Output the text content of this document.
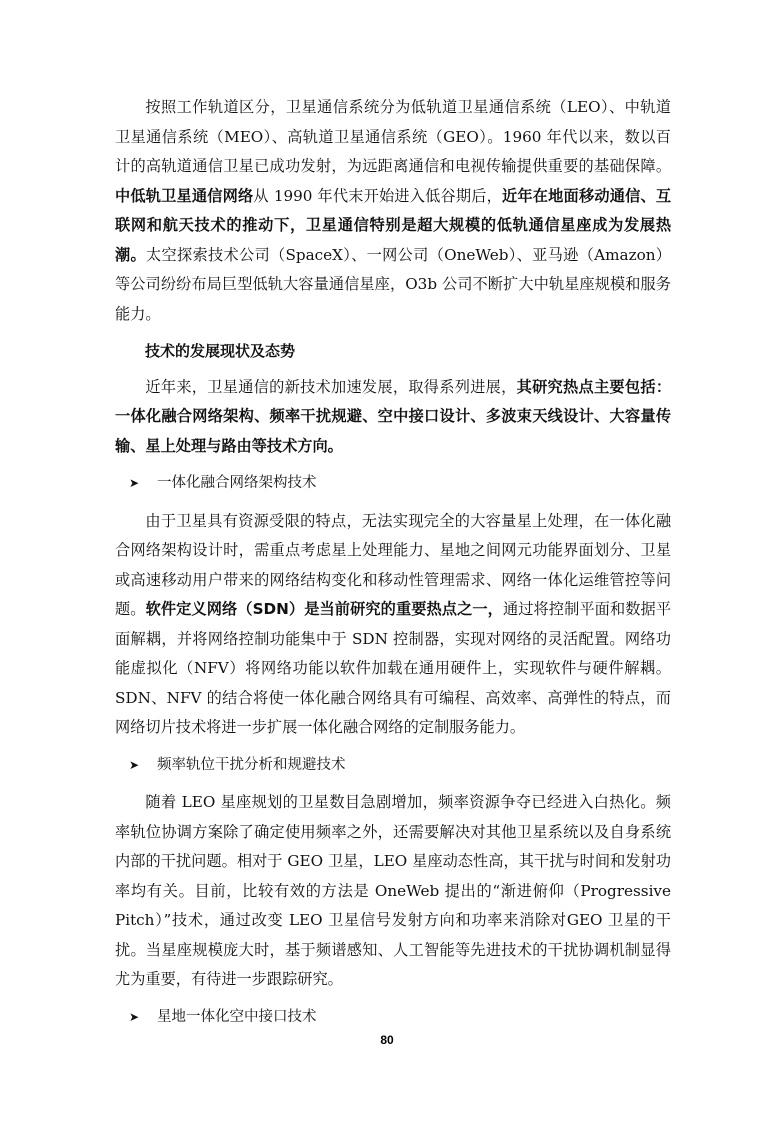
按照工作轨道区分，卫星通信系统分为低轨道卫星通信系统（LEO）、中轨道卫星通信系统（MEO）、高轨道卫星通信系统（GEO）。1960 年代以来，数以百计的高轨道通信卫星已成功发射，为远距离通信和电视传输提供重要的基础保障。中低轨卫星通信网络从 1990 年代末开始进入低谷期后，近年在地面移动通信、互联网和航天技术的推动下，卫星通信特别是超大规模的低轨通信星座成为发展热潮。太空探索技术公司（SpaceX）、一网公司（OneWeb）、亚马逊（Amazon）等公司纷纷布局巨型低轨大容量通信星座，O3b 公司不断扩大中轨星座规模和服务能力。

技术的发展现状及态势

近年来，卫星通信的新技术加速发展，取得系列进展，其研究热点主要包括：一体化融合网络架构、频率干扰规避、空中接口设计、多波束天线设计、大容量传输、星上处理与路由等技术方向。

➤	一体化融合网络架构技术

由于卫星具有资源受限的特点，无法实现完全的大容量星上处理，在一体化融合网络架构设计时，需重点考虑星上处理能力、星地之间网元功能界面划分、卫星或高速移动用户带来的网络结构变化和移动性管理需求、网络一体化运维管控等问题。软件定义网络（SDN）是当前研究的重要热点之一，通过将控制平面和数据平面解耦，并将网络控制功能集中于 SDN 控制器，实现对网络的灵活配置。网络功能虚拟化（NFV）将网络功能以软件加载在通用硬件上，实现软件与硬件解耦。SDN、NFV 的结合将使一体化融合网络具有可编程、高效率、高弹性的特点，而网络切片技术将进一步扩展一体化融合网络的定制服务能力。

➤	频率轨位干扰分析和规避技术

随着 LEO 星座规划的卫星数目急剧增加，频率资源争夺已经进入白热化。频率轨位协调方案除了确定使用频率之外，还需要解决对其他卫星系统以及自身系统内部的干扰问题。相对于 GEO 卫星，LEO 星座动态性高，其干扰与时间和发射功率均有关。目前，比较有效的方法是 OneWeb 提出的“渐进俯仰（Progressive Pitch）”技术，通过改变 LEO 卫星信号发射方向和功率来消除对GEO 卫星的干扰。当星座规模庞大时，基于频谱感知、人工智能等先进技术的干扰协调机制显得尤为重要，有待进一步跟踪研究。

➤	星地一体化空中接口技术
80
